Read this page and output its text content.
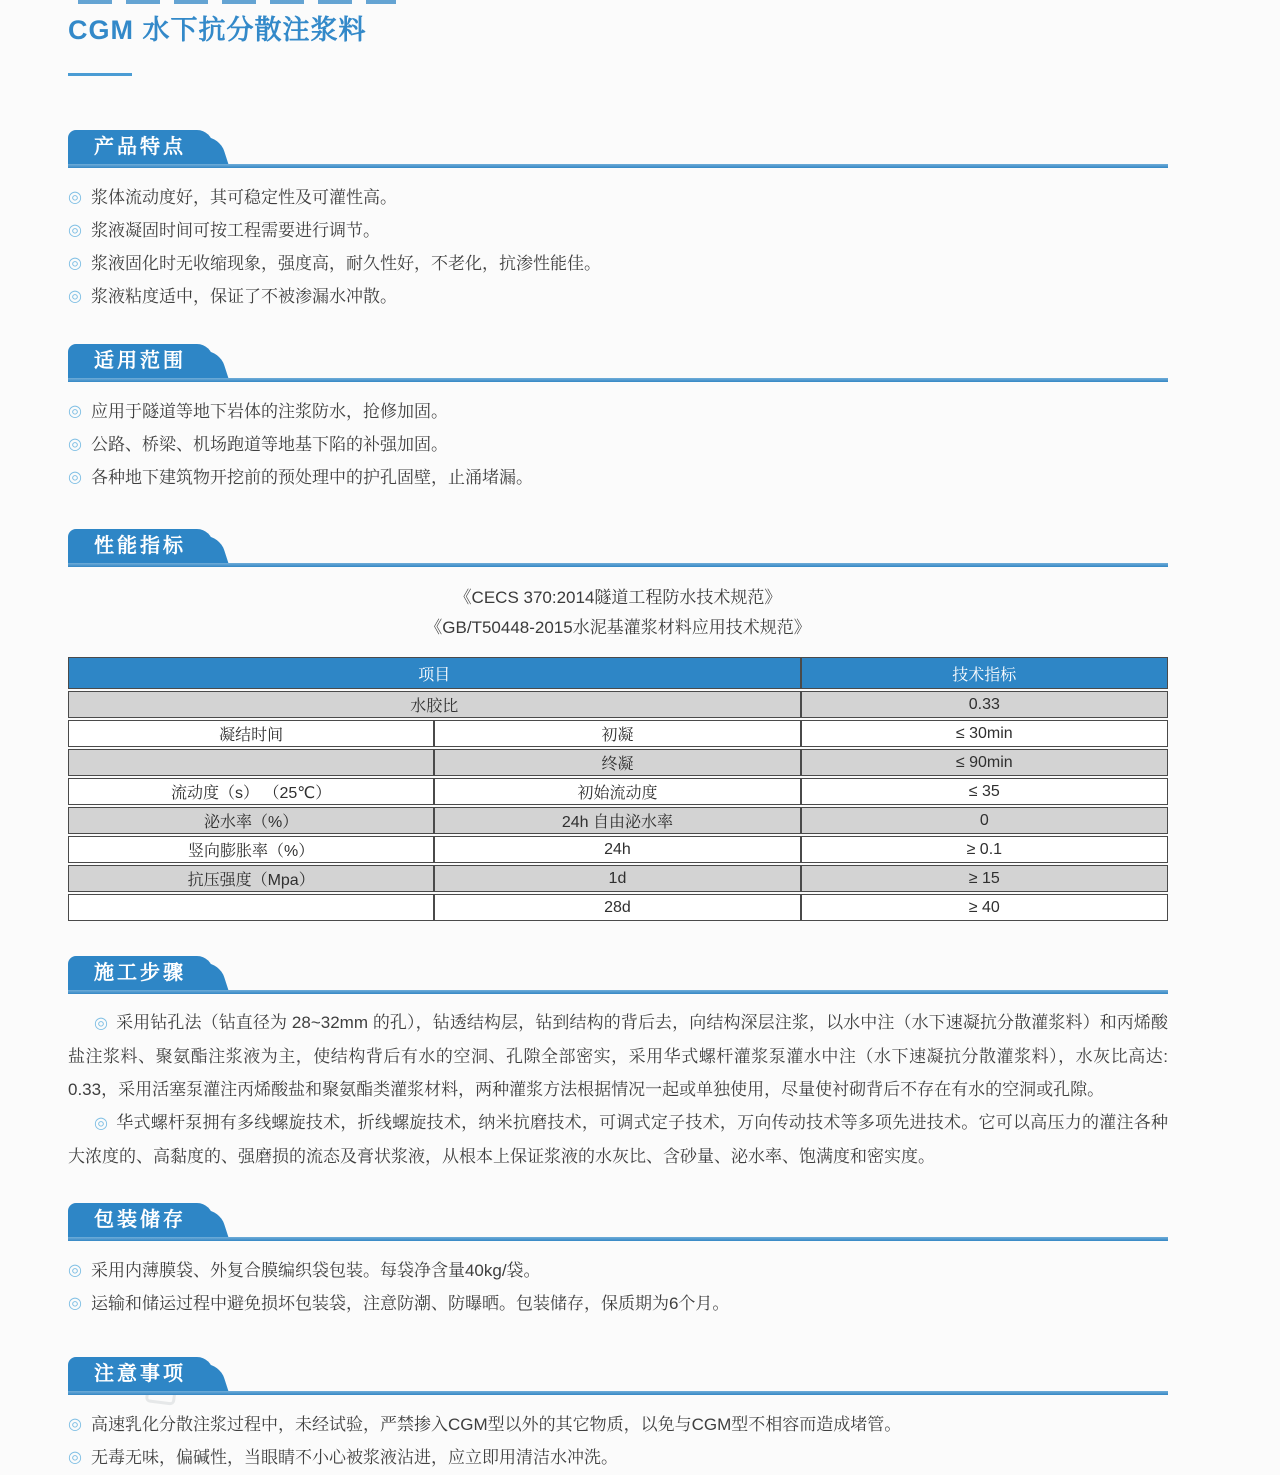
CGM 水下抗分散注浆料
产品特点
◎ 浆体流动度好，其可稳定性及可灌性高。
◎ 浆液凝固时间可按工程需要进行调节。
◎ 浆液固化时无收缩现象，强度高，耐久性好，不老化，抗渗性能佳。
◎ 浆液粘度适中，保证了不被渗漏水冲散。
适用范围
◎ 应用于隧道等地下岩体的注浆防水，抢修加固。
◎ 公路、桥梁、机场跑道等地基下陷的补强加固。
◎ 各种地下建筑物开挖前的预处理中的护孔固壁，止涌堵漏。
性能指标
《CECS 370:2014隧道工程防水技术规范》
《GB/T50448-2015水泥基灌浆材料应用技术规范》
项目		技术指标
水胶比		0.33
凝结时间	初凝	≤ 30min
	终凝	≤ 90min
流动度（s） （25℃）	初始流动度	≤ 35
泌水率（%）	24h 自由泌水率	0
竖向膨胀率（%）	24h	≥ 0.1
抗压强度（Mpa）	1d	≥ 15
	28d	≥ 40
施工步骤

◎ 采用钻孔法（钻直径为 28~32mm 的孔），钻透结构层，钻到结构的背后去，向结构深层注浆，以水中注（水下速凝抗分散灌浆料）和丙烯酸盐注浆料、聚氨酯注浆液为主，使结构背后有水的空洞、孔隙全部密实，采用华式螺杆灌浆泵灌水中注（水下速凝抗分散灌浆料），水灰比高达: 0.33，采用活塞泵灌注丙烯酸盐和聚氨酯类灌浆材料，两种灌浆方法根据情况一起或单独使用，尽量使衬砌背后不存在有水的空洞或孔隙。

◎ 华式螺杆泵拥有多线螺旋技术，折线螺旋技术，纳米抗磨技术，可调式定子技术，万向传动技术等多项先进技术。它可以高压力的灌注各种大浓度的、高黏度的、强磨损的流态及膏状浆液，从根本上保证浆液的水灰比、含砂量、泌水率、饱满度和密实度。

包装储存
◎ 采用内薄膜袋、外复合膜编织袋包装。每袋净含量40kg/袋。
◎ 运输和储运过程中避免损坏包装袋，注意防潮、防曝晒。包装储存，保质期为6个月。
注意事项
◎ 高速乳化分散注浆过程中，未经试验，严禁掺入CGM型以外的其它物质，以免与CGM型不相容而造成堵管。
◎ 无毒无味，偏碱性，当眼睛不小心被浆液沾进，应立即用清洁水冲洗。
